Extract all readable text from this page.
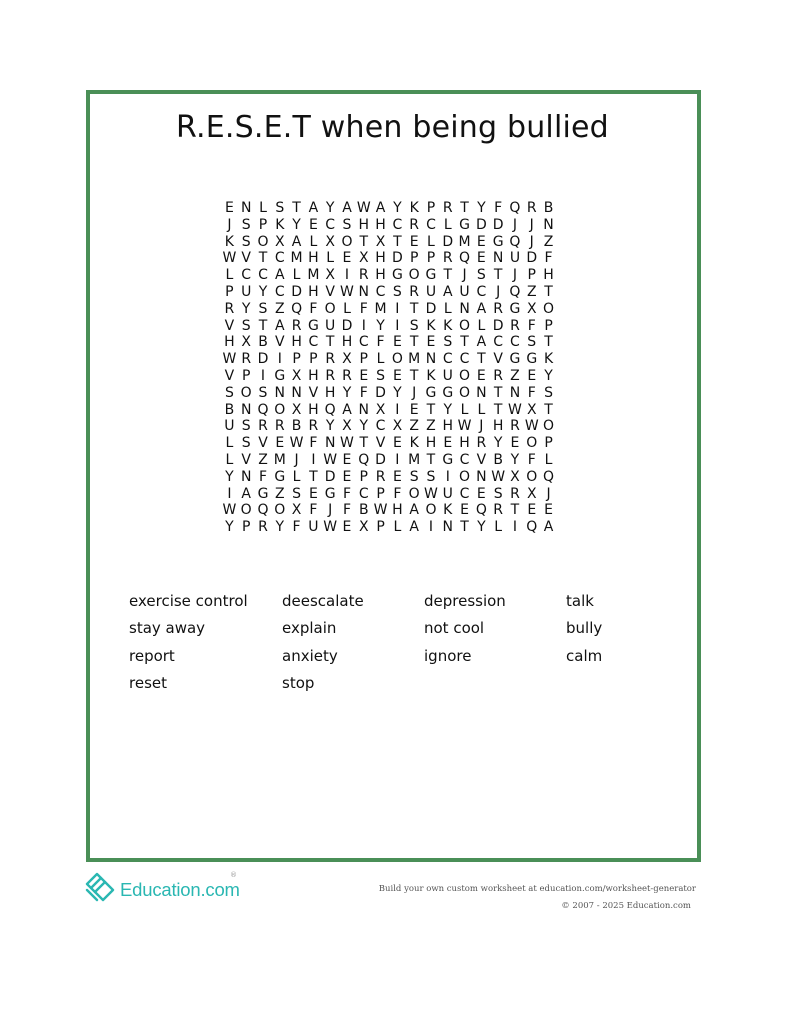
R.E.S.E.T when being bullied
E N L S T A Y A W A Y K P R T Y F Q R B
J S P K Y E C S H H C R C L G D D J J N
K S O X A L X O T X T E L D M E G Q J Z
W V T C M H L E X H D P P R Q E N U D F
L C C A L M X I R H G O G T J S T J P H
P U Y C D H V W N C S R U A U C J Q Z T
R Y S Z Q F O L F M I T D L N A R G X O
V S T A R G U D I Y I S K K O L D R F P
H X B V H C T H C F E T E S T A C C S T
W R D I P P R X P L O M N C C T V G G K
V P I G X H R R E S E T K U O E R Z E Y
S O S N N V H Y F D Y J G G O N T N F S
B N Q O X H Q A N X I E T Y L L T W X T
U S R R B R Y X Y C X Z Z H W J H R W O
L S V E W F N W T V E K H E H R Y E O P
L V Z M J I W E Q D I M T G C V B Y F L
Y N F G L T D E P R E S S I O N W X O Q
I A G Z S E G F C P F O W U C E S R X J
W O Q O X F J F B W H A O K E Q R T E E
Y P R Y F U W E X P L A I N T Y L I Q A
exercise control	deescalate	depression	talk
stay away	explain	not cool	bully
report	anxiety	ignore	calm
reset	stop
Education.com
®
Build your own custom worksheet at education.com/worksheet-generator
© 2007 - 2025 Education.com
